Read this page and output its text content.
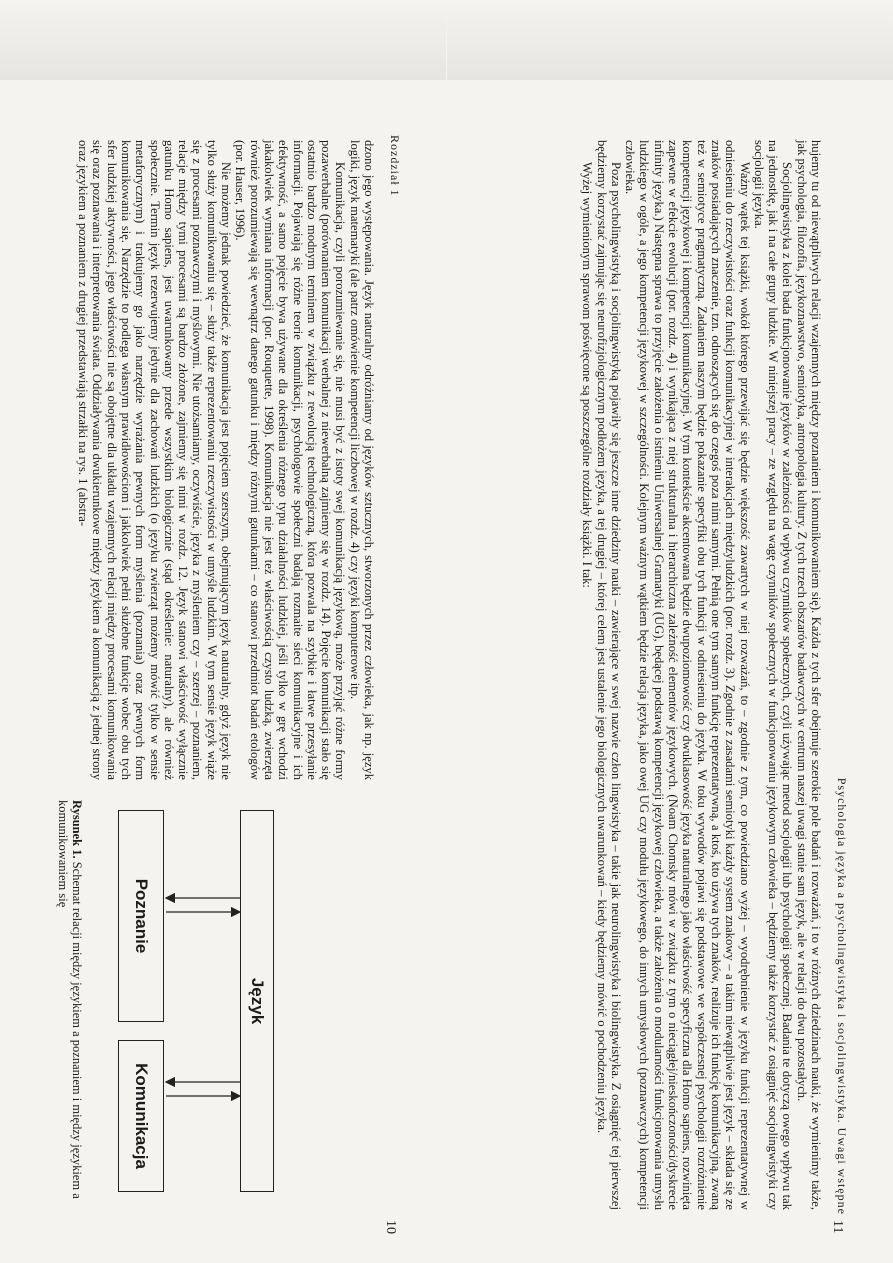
Rozdział 1
10

dzono jego występowania. Język naturalny odróżniamy od języków sztucznych, stworzonych przez człowieka, jak np. język logiki, język matematyki (ale patrz omówienie kompetencji liczbowej w rozdz. 4) czy języki komputerowe itp.

Komunikacja, czyli porozumiewanie się, nie musi być z istoty swej komunikacją językową, może przyjąć różne formy pozawerbalne (porównaniem komunikacji werbalnej z niewerbalną zajmiemy się w rozdz. 14). Pojęcie komunikacji stało się ostatnio bardzo modnym terminem w związku z rewolucją technologiczną, która pozwala na szybkie i łatwe przesyłanie informacji. Pojawiają się różne teorie komunikacji, psychologowie społeczni badają rozmaite sieci komunikacyjne i ich efektywność, a samo pojęcie bywa używane dla określenia różnego typu działalności ludzkiej, jeśli tylko w grę wchodzi jakakolwiek wymiana informacji (por. Rouquette, 1998). Komunikacja nie jest też właściwością czysto ludzką, zwierzęta również porozumiewają się wewnątrz danego gatunku i między różnymi gatunkami – co stanowi przedmiot badań etologów (por. Hauser, 1996).

Nie możemy jednak powiedzieć, że komunikacja jest pojęciem szerszym, obejmującym język naturalny, gdyż język nie tylko służy komunikowaniu się – służy także reprezentowaniu rzeczywistości w umyśle ludzkim. W tym sensie język wiąże się z procesami poznawczymi i myślowymi. Nie utożsamiamy, oczywiście, języka z myśleniem czy – szerzej – poznaniem, relacje między tymi procesami są bardzo złożone, zajmiemy się nimi w rozdz. 12. Język stanowi właściwość wyłącznie gatunku Homo sapiens, jest uwarunkowany przede wszystkim biologicznie (stąd określenie: naturalny), ale również społecznie. Termin język rezerwujemy jedynie dla zachowań ludzkich (o języku zwierząt możemy mówić tylko w sensie metaforycznym) i traktujemy go jako narzędzie wyrażania pewnych form myślenia (poznania) oraz pewnych form komunikowania się. Narzędzie to podlega własnym prawidłowościom i jakkolwiek pełni służebne funkcje wobec obu tych sfer ludzkiej aktywności, jego właściwości nie są obojętne dla układu wzajemnych relacji między procesami komunikowania się oraz poznawania i interpretowania świata. Oddziaływania dwukierunkowe między językiem a komunikacją z jednej strony oraz językiem a poznaniem z drugiej przedstawiają strzałki na rys. 1 (abstra-

Język
Poznanie
Komunikacja
Rysunek 1. Schemat relacji między językiem a poznaniem i między językiem a komunikowaniem się	Psychologia języka a psycholingwistyka i socjolingwistyka. Uwagi wstępne
11

hujemy tu od niewątpliwych relacji wzajemnych między poznaniem i komunikowaniem się). Każda z tych sfer obejmuje szerokie pole badań i rozważań, i to w różnych dziedzinach nauki, że wymienimy także, jak psychologia, filozofia, językoznawstwo, semiotyka, antropologia kultury. Z tych trzech obszarów badawczych w centrum naszej uwagi stanie sam język, ale w relacji do dwu pozostałych.

Socjolingwistyka z kolei bada funkcjonowanie języków w zależności od wpływu czynników społecznych, czyli używając metod socjologii lub psychologii społecznej. Badania te dotyczą owego wpływu tak na jednostkę, jak i na całe grupy ludzkie. W niniejszej pracy – ze względu na wagę czynników społecznych w funkcjonowaniu językowym człowieka – będziemy także korzystać z osiągnięć socjolingwistyki czy socjologii języka.

Ważny wątek tej książki, wokół którego przewijać się będzie większość zawartych w niej rozważań, to – zgodnie z tym, co powiedziano wyżej – wyodrębnienie w języku funkcji reprezentatywnej w odniesieniu do rzeczywistości oraz funkcji komunikacyjnej w interakcjach międzyludzkich (por. rozdz. 3). Zgodnie z zasadami semiotyki każdy system znakowy – a takim niewątpliwie jest język – składa się ze znaków posiadających znaczenie, tzn. odnoszących się do czegoś poza nimi samymi. Pełnią one tym samym funkcję reprezentatywną, a ktoś, kto używa tych znaków, realizuje ich funkcję komunikacyjną, zwaną też w semiotyce pragmatyczną. Zadaniem naszym będzie pokazanie specyfiki obu tych funkcji w odniesieniu do języka. W toku wywodów pojawi się podstawowe we współczesnej psychologii rozróżnienie kompetencji językowej i kompetencji komunikacyjnej. W tym kontekście akcentowana będzie dwupoziomowość czy dwuklasowość języka naturalnego jako właściwość specyficzna dla Homo sapiens, rozwinięta zapewne w efekcie ewolucji (por. rozdz. 4) i wynikająca z niej strukturalna i hierarchiczna zależność elementów językowych. (Noam Chomsky mówi w związku z tym o nieciągłej/nieskończoności/dyskrecie infinity języka.) Następna sprawa to przyjęcie założenia o istnieniu Uniwersalnej Gramatyki (UG), będącej podstawą kompetencji językowej człowieka, a także założenia o modularności funkcjonowania umysłu ludzkiego w ogóle, a jego kompetencji językowej w szczególności. Kolejnym ważnym wątkiem będzie relacja języka, jako owej UG czy modułu językowego, do innych umysłowych (poznawczych) kompetencji człowieka.

Poza psycholingwistyką i socjolingwistyką pojawiły się jeszcze inne dziedziny nauki – zawierające w swej nazwie człon lingwistyka – takie jak neurolingwistyka i biolingwistyka. Z osiągnięć tej pierwszej będziemy korzystać zajmując się neurofizjologicznym podłożem języka, a tej drugiej – której celem jest ustalenie jego biologicznych uwarunkowań – kiedy będziemy mówić o pochodzeniu języka.

Wyżej wymienionym sprawom poświęcone są poszczególne rozdziały książki. I tak:
